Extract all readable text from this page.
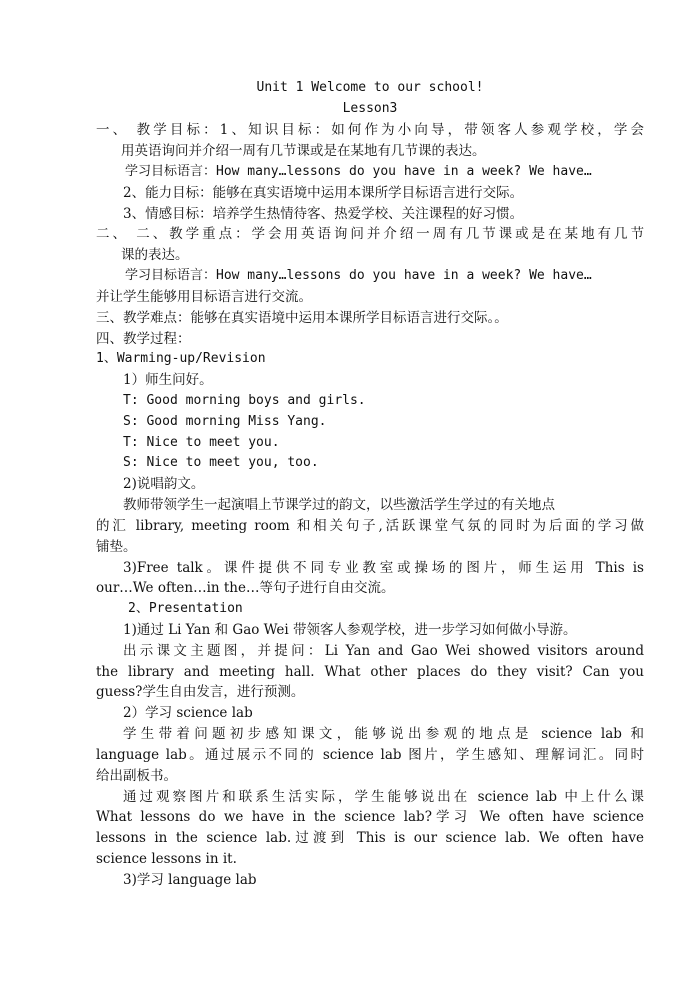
Unit 1 Welcome to our school!
Lesson3
一、 教学目标：1、知识目标：如何作为小向导，带领客人参观学校，学会
用英语询问并介绍一周有几节课或是在某地有几节课的表达。
学习目标语言：How many…lessons do you have in a week? We have…
2、能力目标：能够在真实语境中运用本课所学目标语言进行交际。
3、情感目标：培养学生热情待客、热爱学校、关注课程的好习惯。
二、 二、教学重点：学会用英语询问并介绍一周有几节课或是在某地有几节
课的表达。
学习目标语言：How many…lessons do you have in a week? We have…
并让学生能够用目标语言进行交流。
三、教学难点：能够在真实语境中运用本课所学目标语言进行交际。。
四、教学过程：
1、Warming-up/Revision
1）师生问好。
T: Good morning boys and girls.
S: Good morning Miss Yang.
T: Nice to meet you.
S: Nice to meet you, too.
2)说唱韵文。
教师带领学生一起演唱上节课学过的韵文，以些激活学生学过的有关地点
的汇 library, meeting room 和相关句子,活跃课堂气氛的同时为后面的学习做
铺垫。
3)Free talk。课件提供不同专业教室或操场的图片，师生运用 This is
our…We often…in the…等句子进行自由交流。
2、Presentation
1)通过 Li Yan 和 Gao Wei 带领客人参观学校，进一步学习如何做小导游。
出示课文主题图，并提问：Li Yan and Gao Wei showed visitors around
the library and meeting hall. What other places do they visit? Can you
guess?学生自由发言，进行预测。
2）学习 science lab
学生带着问题初步感知课文，能够说出参观的地点是 science lab 和
language lab。通过展示不同的 science lab 图片，学生感知、理解词汇。同时
给出副板书。
通过观察图片和联系生活实际，学生能够说出在 science lab 中上什么课
What lessons do we have in the science lab?学习 We often have science
lessons in the science lab.过渡到 This is our science lab. We often have
science lessons in it.
3)学习 language lab
